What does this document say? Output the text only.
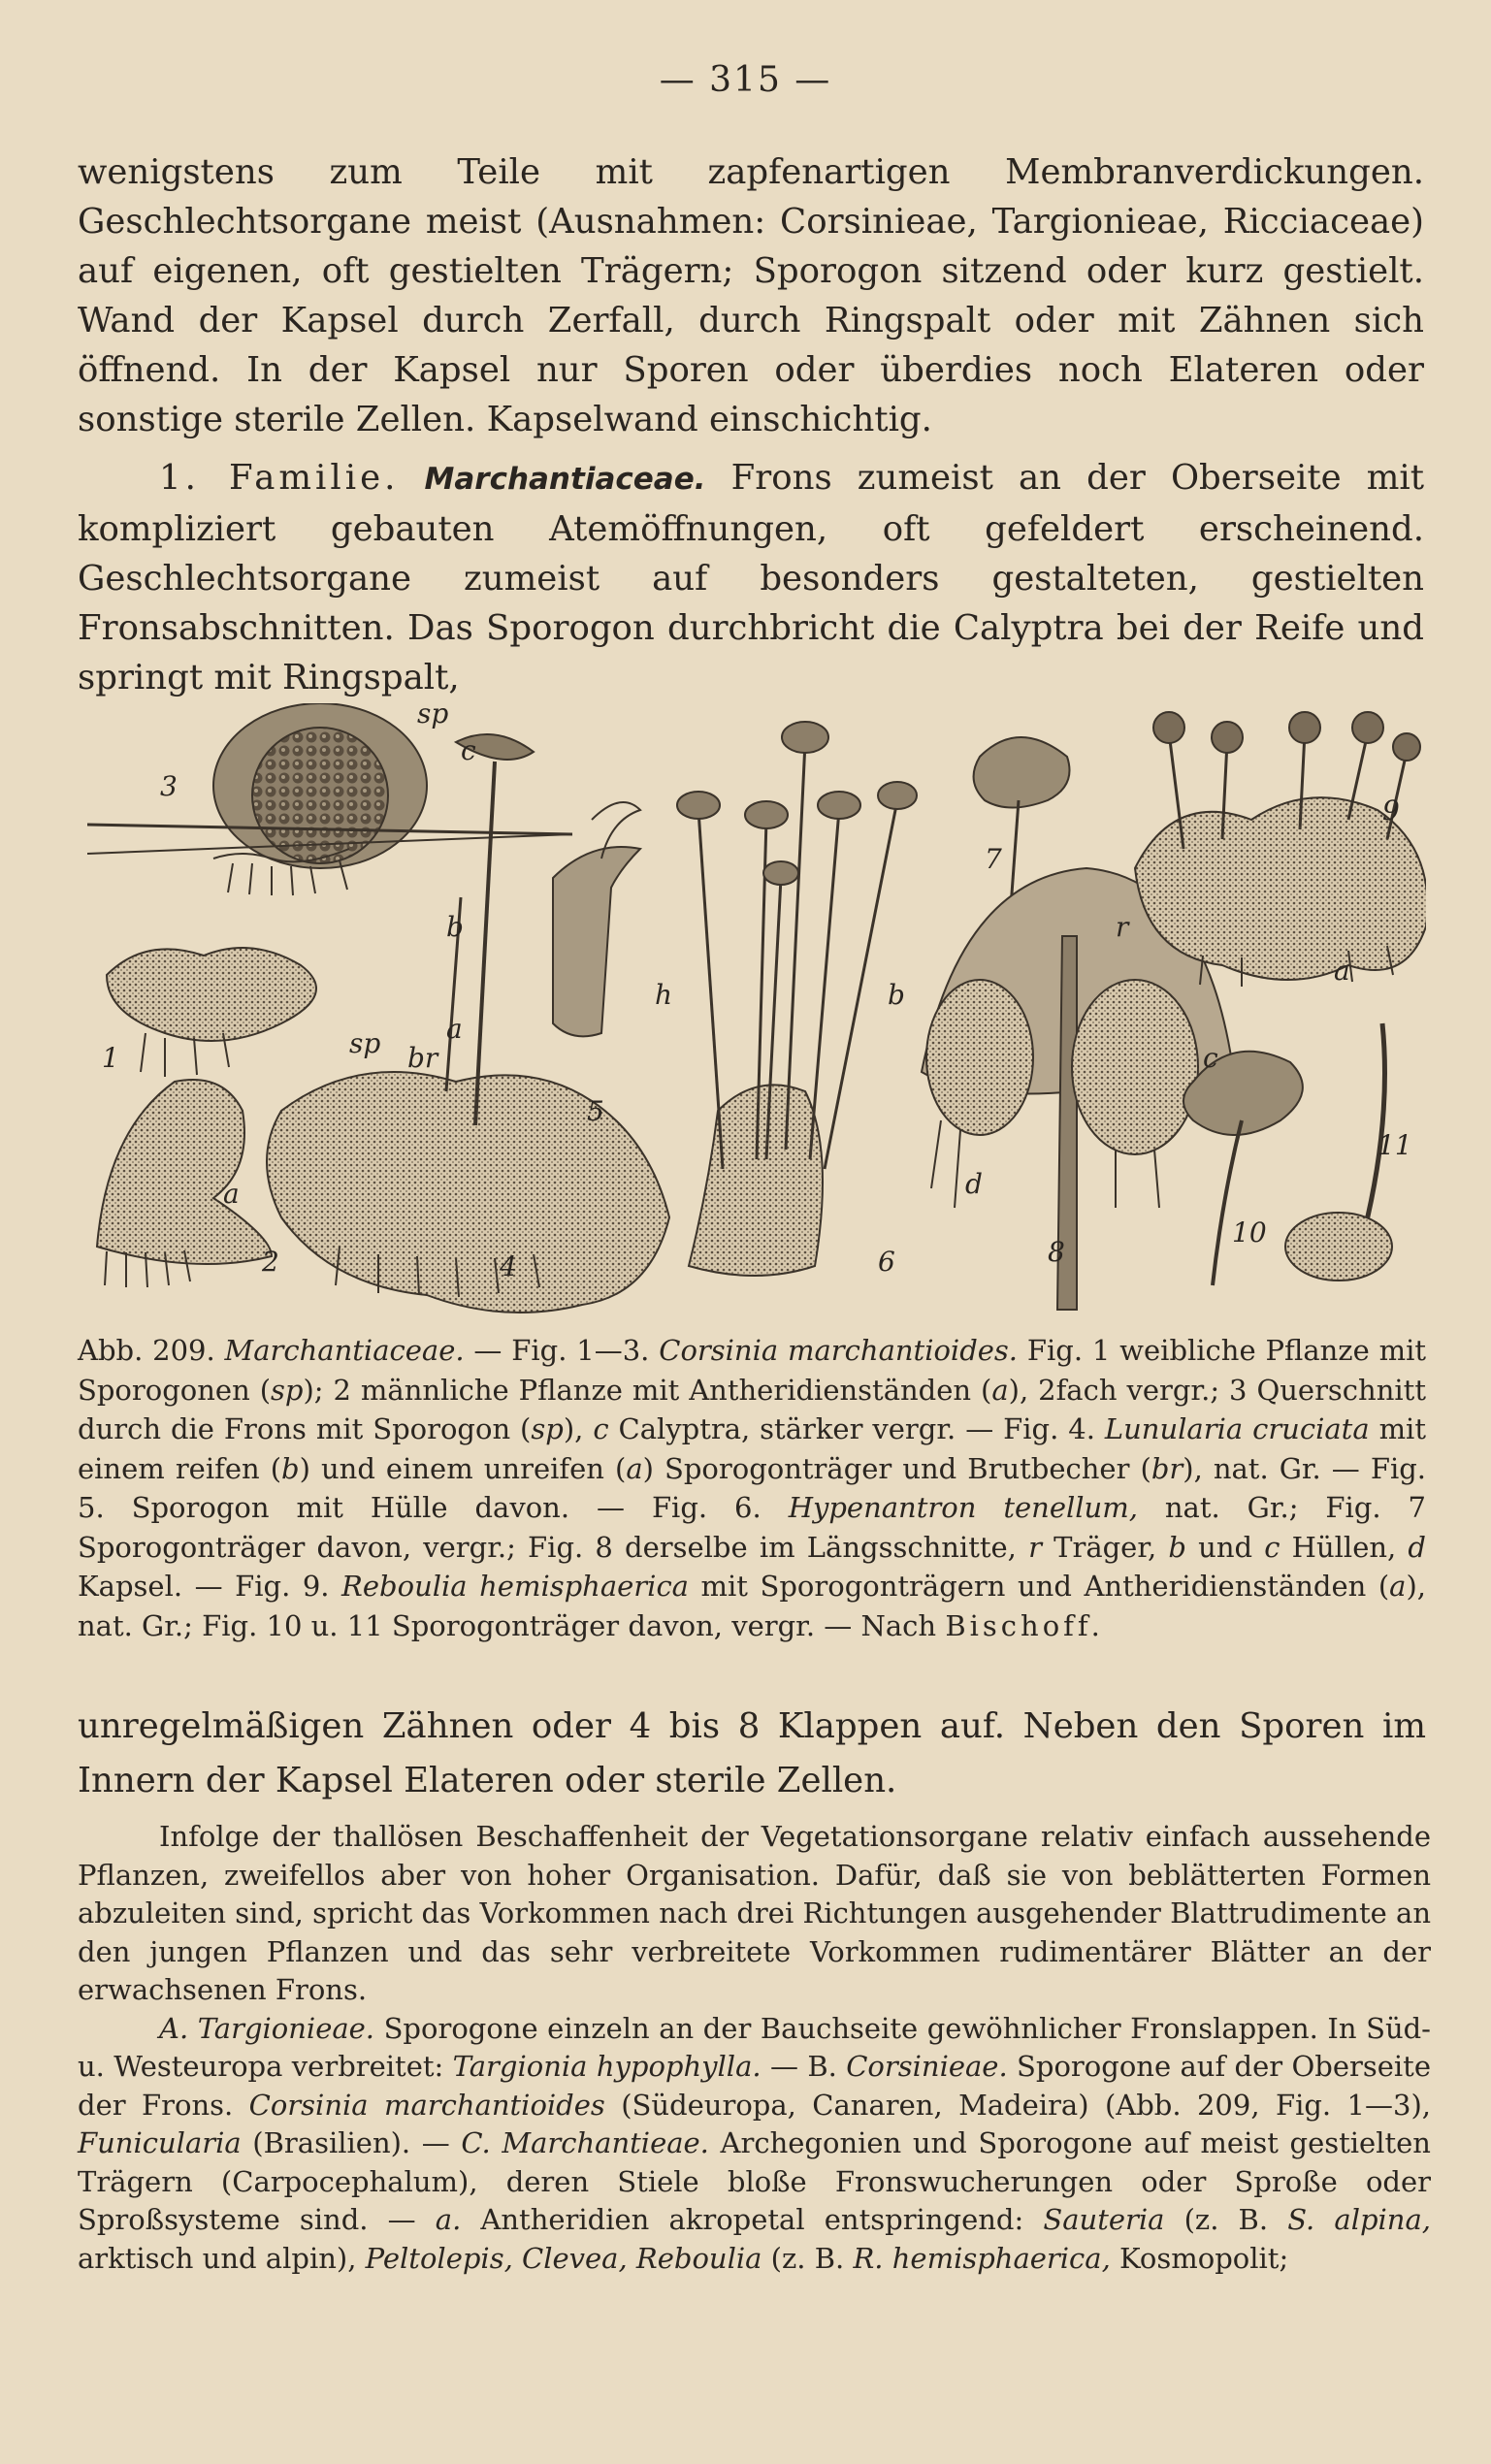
— 315 —

wenigstens zum Teile mit zapfenartigen Membranverdickungen. Geschlechtsorgane meist (Ausnahmen: Corsinieae, Targionieae, Ricciaceae) auf eigenen, oft gestielten Trägern; Sporogon sitzend oder kurz gestielt. Wand der Kapsel durch Zerfall, durch Ringspalt oder mit Zähnen sich öffnend. In der Kapsel nur Sporen oder überdies noch Elateren oder sonstige sterile Zellen. Kapselwand einschichtig.

1. Familie. Marchantiaceae. Frons zumeist an der Oberseite mit kompliziert gebauten Atemöffnungen, oft gefeldert erscheinend. Geschlechtsorgane zumeist auf besonders gestalteten, gestielten Fronsabschnitten. Das Sporogon durchbricht die Calyptra bei der Reife und springt mit Ringspalt,

sp
c
3
b
1	sp a
br
h
5
a
2	4
b
6
7
r
c
d
8
9
a
10
11

Abb. 209. Marchantiaceae. — Fig. 1—3. Corsinia marchantioides. Fig. 1 weibliche Pflanze mit Sporogonen (sp); 2 männliche Pflanze mit Antheridienständen (a), 2fach vergr.; 3 Querschnitt durch die Frons mit Sporogon (sp), c Calyptra, stärker vergr. — Fig. 4. Lunularia cruciata mit einem reifen (b) und einem unreifen (a) Sporogonträger und Brutbecher (br), nat. Gr. — Fig. 5. Sporogon mit Hülle davon. — Fig. 6. Hypenantron tenellum, nat. Gr.; Fig. 7 Sporogonträger davon, vergr.; Fig. 8 derselbe im Längsschnitte, r Träger, b und c Hüllen, d Kapsel. — Fig. 9. Reboulia hemisphaerica mit Sporogonträgern und Antheridienständen (a), nat. Gr.; Fig. 10 u. 11 Sporogonträger davon, vergr. — Nach Bischoff.

unregelmäßigen Zähnen oder 4 bis 8 Klappen auf. Neben den Sporen im Innern der Kapsel Elateren oder sterile Zellen.

Infolge der thallösen Beschaffenheit der Vegetationsorgane relativ einfach aussehende Pflanzen, zweifellos aber von hoher Organisation. Dafür, daß sie von beblätterten Formen abzuleiten sind, spricht das Vorkommen nach drei Richtungen ausgehender Blattrudimente an den jungen Pflanzen und das sehr verbreitete Vorkommen rudimentärer Blätter an der erwachsenen Frons.

A. Targionieae. Sporogone einzeln an der Bauchseite gewöhnlicher Fronslappen. In Süd- u. Westeuropa verbreitet: Targionia hypophylla. — B. Corsinieae. Sporogone auf der Oberseite der Frons. Corsinia marchantioides (Südeuropa, Canaren, Madeira) (Abb. 209, Fig. 1—3), Funicularia (Brasilien). — C. Marchantieae. Archegonien und Sporogone auf meist gestielten Trägern (Carpocephalum), deren Stiele bloße Fronswucherungen oder Sproße oder Sproßsysteme sind. — a. Antheridien akropetal entspringend: Sauteria (z. B. S. alpina, arktisch und alpin), Peltolepis, Clevea, Reboulia (z. B. R. hemisphaerica, Kosmopolit;
